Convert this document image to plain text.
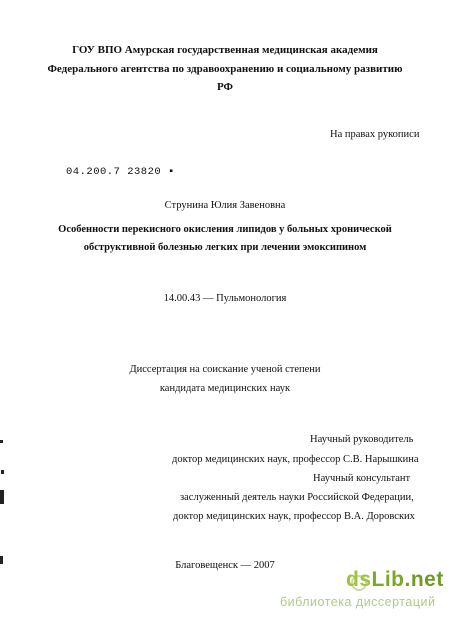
ГОУ ВПО Амурская государственная медицинская академия
Федерального агентства по здравоохранению и социальному развитию
РФ
На правах рукописи
04.200.7 23820 ▪
Струнина Юлия Завеновна
Особенности перекисного окисления липидов у больных хронической
обструктивной болезнью легких при лечении эмоксипином
14.00.43 — Пульмонология
Диссертация на соискание ученой степени
кандидата медицинских наук
Научный руководитель
доктор медицинских наук, профессор С.В. Нарышкина
Научный консультант
заслуженный деятель науки Российской Федерации,
доктор медицинских наук, профессор В.А. Доровских
Благовещенск — 2007
dsLib.net
библиотека диссертаций
